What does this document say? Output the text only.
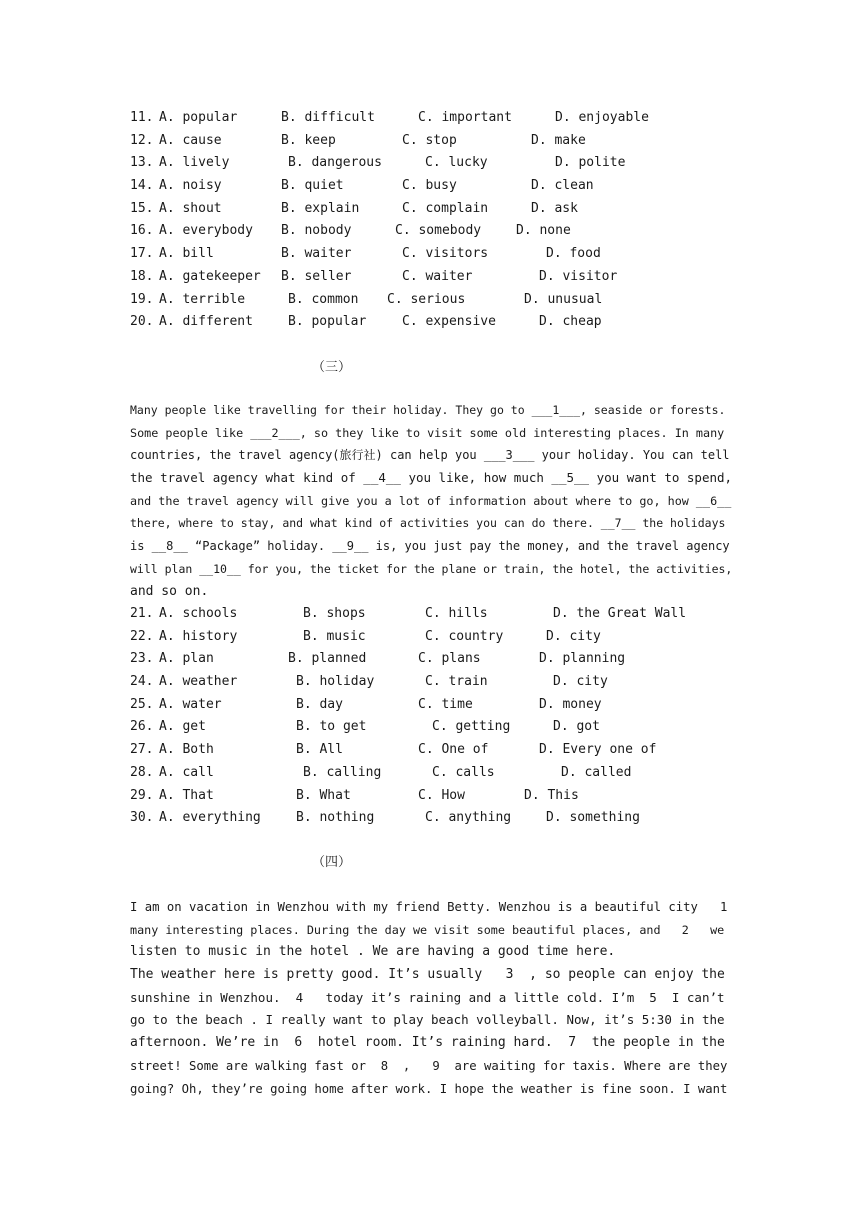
11. A. popular	B. difficult	C. important	D. enjoyable
12. A. cause	B. keep	C. stop	D. make
13. A. lively	B. dangerous	C. lucky	D. polite
14. A. noisy	B. quiet	C. busy	D. clean
15. A. shout	B. explain	C. complain	D. ask
16. A. everybody B. nobody	C. somebody	D. none
17. A. bill	B. waiter	C. visitors	D. food
18. A. gatekeeper B. seller	C. waiter	D. visitor
19. A. terrible	B. common C. serious	D. unusual
20. A. different	B. popular	C. expensive	D. cheap
（三）
Many people like travelling for their holiday. They go to ___1___, seaside or forests.
Some people like ___2___, so they like to visit some old interesting places. In many
countries, the travel agency(旅行社) can help you ___3___ your holiday. You can tell
the travel agency what kind of __4__ you like, how much __5__ you want to spend,
and the travel agency will give you a lot of information about where to go, how __6__
there, where to stay, and what kind of activities you can do there. __7__ the holidays
is __8__ “Package” holiday. __9__ is, you just pay the money, and the travel agency
will plan __10__ for you, the ticket for the plane or train, the hotel, the activities,
and so on.
21. A. schools	B. shops	C. hills	D. the Great Wall
22. A. history	B. music	C. country	D. city
23. A. plan	B. planned	C. plans	D. planning
24. A. weather	B. holiday	C. train	D. city
25. A. water	B. day	C. time	D. money
26. A. get	B. to get	C. getting	D. got
27. A. Both	B. All	C. One of	D. Every one of
28. A. call	B. calling	C. calls	D. called
29. A. That	B. What	C. How	D. This
30. A. everything	B. nothing	C. anything	D. something
（四）
I am on vacation in Wenzhou with my friend Betty. Wenzhou is a beautiful city   1
many interesting places. During the day we visit some beautiful places, and   2   we
listen to music in the hotel . We are having a good time here.
The weather here is pretty good. It’s usually   3  , so people can enjoy the
sunshine in Wenzhou.  4   today it’s raining and a little cold. I’m  5  I can’t
go to the beach . I really want to play beach volleyball. Now, it’s 5:30 in the
afternoon. We’re in  6  hotel room. It’s raining hard.  7  the people in the
street! Some are walking fast or  8  ,   9  are waiting for taxis. Where are they
going? Oh, they’re going home after work. I hope the weather is fine soon. I want
